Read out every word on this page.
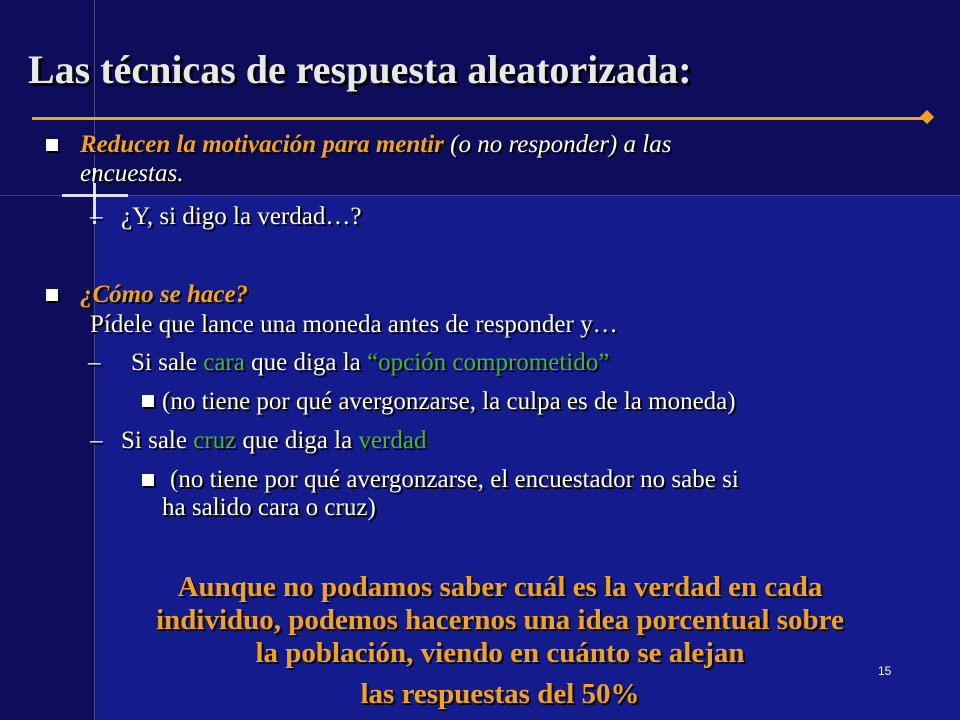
Las técnicas de respuesta aleatorizada:
Reducen la motivación para mentir (o no responder) a las
encuestas.
– ¿Y, si digo la verdad…?
¿Cómo se hace?
Pídele que lance una moneda antes de responder y…
– Si sale cara que diga la “opción comprometido”
(no tiene por qué avergonzarse, la culpa es de la moneda)
– Si sale cruz que diga la verdad
(no tiene por qué avergonzarse, el encuestador no sabe si
ha salido cara o cruz)
Aunque no podamos saber cuál es la verdad en cada
individuo, podemos hacernos una idea porcentual sobre
la población, viendo en cuánto se alejan
las respuestas del 50%
15
